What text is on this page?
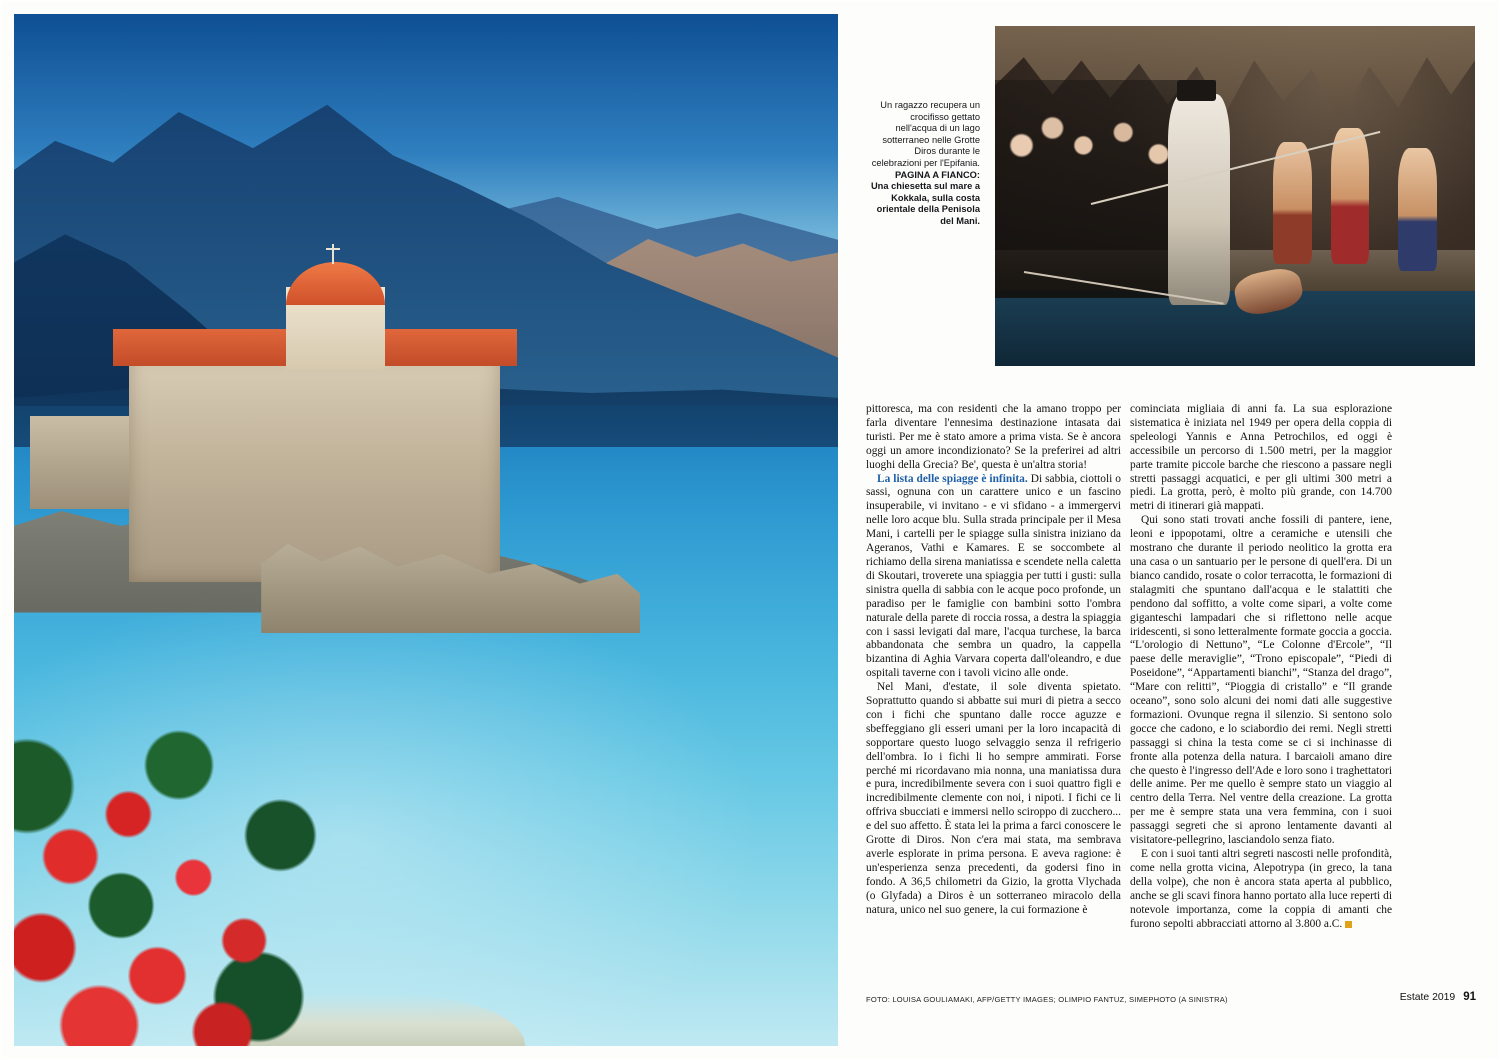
Un ragazzo recupera un crocifisso gettato nell'acqua di un lago sotterraneo nelle Grotte Diros durante le celebrazioni per l'Epifania.
PAGINA A FIANCO:
Una chiesetta sul mare a Kokkala, sulla costa orientale della Penisola del Mani.

pittoresca, ma con residenti che la amano troppo per farla diventare l'ennesima destinazione intasata dai turisti. Per me è stato amore a prima vista. Se è ancora oggi un amore incondizionato? Se la preferirei ad altri luoghi della Grecia? Be', questa è un'altra storia!

La lista delle spiagge è infinita. Di sabbia, ciottoli o sassi, ognuna con un carattere unico e un fascino insuperabile, vi invitano - e vi sfidano - a immergervi nelle loro acque blu. Sulla strada principale per il Mesa Mani, i cartelli per le spiagge sulla sinistra iniziano da Ageranos, Vathi e Kamares. E se soccombete al richiamo della sirena maniatissa e scendete nella caletta di Skoutari, troverete una spiaggia per tutti i gusti: sulla sinistra quella di sabbia con le acque poco profonde, un paradiso per le famiglie con bambini sotto l'ombra naturale della parete di roccia rossa, a destra la spiaggia con i sassi levigati dal mare, l'acqua turchese, la barca abbandonata che sembra un quadro, la cappella bizantina di Aghia Varvara coperta dall'oleandro, e due ospitali taverne con i tavoli vicino alle onde.

Nel Mani, d'estate, il sole diventa spietato. Soprattutto quando si abbatte sui muri di pietra a secco con i fichi che spuntano dalle rocce aguzze e sbeffeggiano gli esseri umani per la loro incapacità di sopportare questo luogo selvaggio senza il refrigerio dell'ombra. Io i fichi li ho sempre ammirati. Forse perché mi ricordavano mia nonna, una maniatissa dura e pura, incredibilmente severa con i suoi quattro figli e incredibilmente clemente con noi, i nipoti. I fichi ce li offriva sbucciati e immersi nello sciroppo di zucchero... e del suo affetto. È stata lei la prima a farci conoscere le Grotte di Diros. Non c'era mai stata, ma sembrava averle esplorate in prima persona. E aveva ragione: è un'esperienza senza precedenti, da godersi fino in fondo. A 36,5 chilometri da Gizio, la grotta Vlychada (o Glyfada) a Diros è un sotterraneo miracolo della natura, unico nel suo genere, la cui formazione è

cominciata migliaia di anni fa. La sua esplorazione sistematica è iniziata nel 1949 per opera della coppia di speleologi Yannis e Anna Petrochilos, ed oggi è accessibile un percorso di 1.500 metri, per la maggior parte tramite piccole barche che riescono a passare negli stretti passaggi acquatici, e per gli ultimi 300 metri a piedi. La grotta, però, è molto più grande, con 14.700 metri di itinerari già mappati.

Qui sono stati trovati anche fossili di pantere, iene, leoni e ippopotami, oltre a ceramiche e utensili che mostrano che durante il periodo neolitico la grotta era una casa o un santuario per le persone di quell'era. Di un bianco candido, rosate o color terracotta, le formazioni di stalagmiti che spuntano dall'acqua e le stalattiti che pendono dal soffitto, a volte come sipari, a volte come giganteschi lampadari che si riflettono nelle acque iridescenti, si sono letteralmente formate goccia a goccia. “L'orologio di Nettuno”, “Le Colonne d'Ercole”, “Il paese delle meraviglie”, “Trono episcopale”, “Piedi di Poseidone”, “Appartamenti bianchi”, “Stanza del drago”, “Mare con relitti”, “Pioggia di cristallo” e “Il grande oceano”, sono solo alcuni dei nomi dati alle suggestive formazioni. Ovunque regna il silenzio. Si sentono solo gocce che cadono, e lo sciabordio dei remi. Negli stretti passaggi si china la testa come se ci si inchinasse di fronte alla potenza della natura. I barcaioli amano dire che questo è l'ingresso dell'Ade e loro sono i traghettatori delle anime. Per me quello è sempre stato un viaggio al centro della Terra. Nel ventre della creazione. La grotta per me è sempre stata una vera femmina, con i suoi passaggi segreti che si aprono lentamente davanti al visitatore-pellegrino, lasciandolo senza fiato.

E con i suoi tanti altri segreti nascosti nelle profondità, come nella grotta vicina, Alepotrypa (in greco, la tana della volpe), che non è ancora stata aperta al pubblico, anche se gli scavi finora hanno portato alla luce reperti di notevole importanza, come la coppia di amanti che furono sepolti abbracciati attorno al 3.800 a.C.

FOTO: LOUISA GOULIAMAKI, AFP/GETTY IMAGES; OLIMPIO FANTUZ, SIMEPHOTO (A SINISTRA)	Estate 2019 91
